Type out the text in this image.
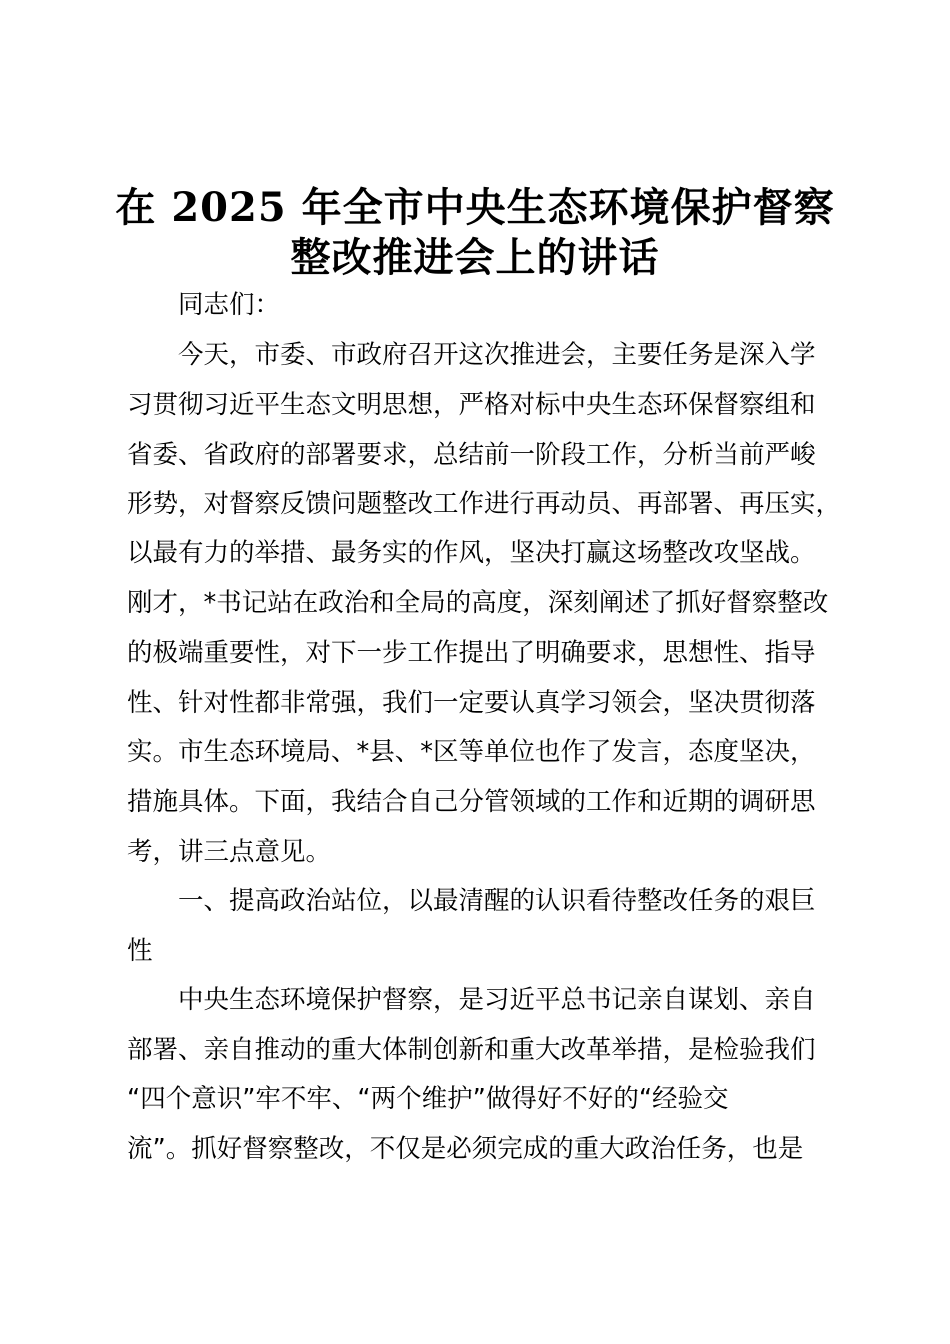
在 2025 年全市中央生态环境保护督察
整改推进会上的讲话
同志们：
今天，市委、市政府召开这次推进会，主要任务是深入学
习贯彻习近平生态文明思想，严格对标中央生态环保督察组和
省委、省政府的部署要求，总结前一阶段工作，分析当前严峻
形势，对督察反馈问题整改工作进行再动员、再部署、再压实，
以最有力的举措、最务实的作风，坚决打赢这场整改攻坚战。
刚才，*书记站在政治和全局的高度，深刻阐述了抓好督察整改
的极端重要性，对下一步工作提出了明确要求，思想性、指导
性、针对性都非常强，我们一定要认真学习领会，坚决贯彻落
实。市生态环境局、*县、*区等单位也作了发言，态度坚决，
措施具体。下面，我结合自己分管领域的工作和近期的调研思
考，讲三点意见。
一、提高政治站位，以最清醒的认识看待整改任务的艰巨
性
中央生态环境保护督察，是习近平总书记亲自谋划、亲自
部署、亲自推动的重大体制创新和重大改革举措，是检验我们
“四个意识”牢不牢、“两个维护”做得好不好的“经验交
流”。抓好督察整改，不仅是必须完成的重大政治任务，也是
